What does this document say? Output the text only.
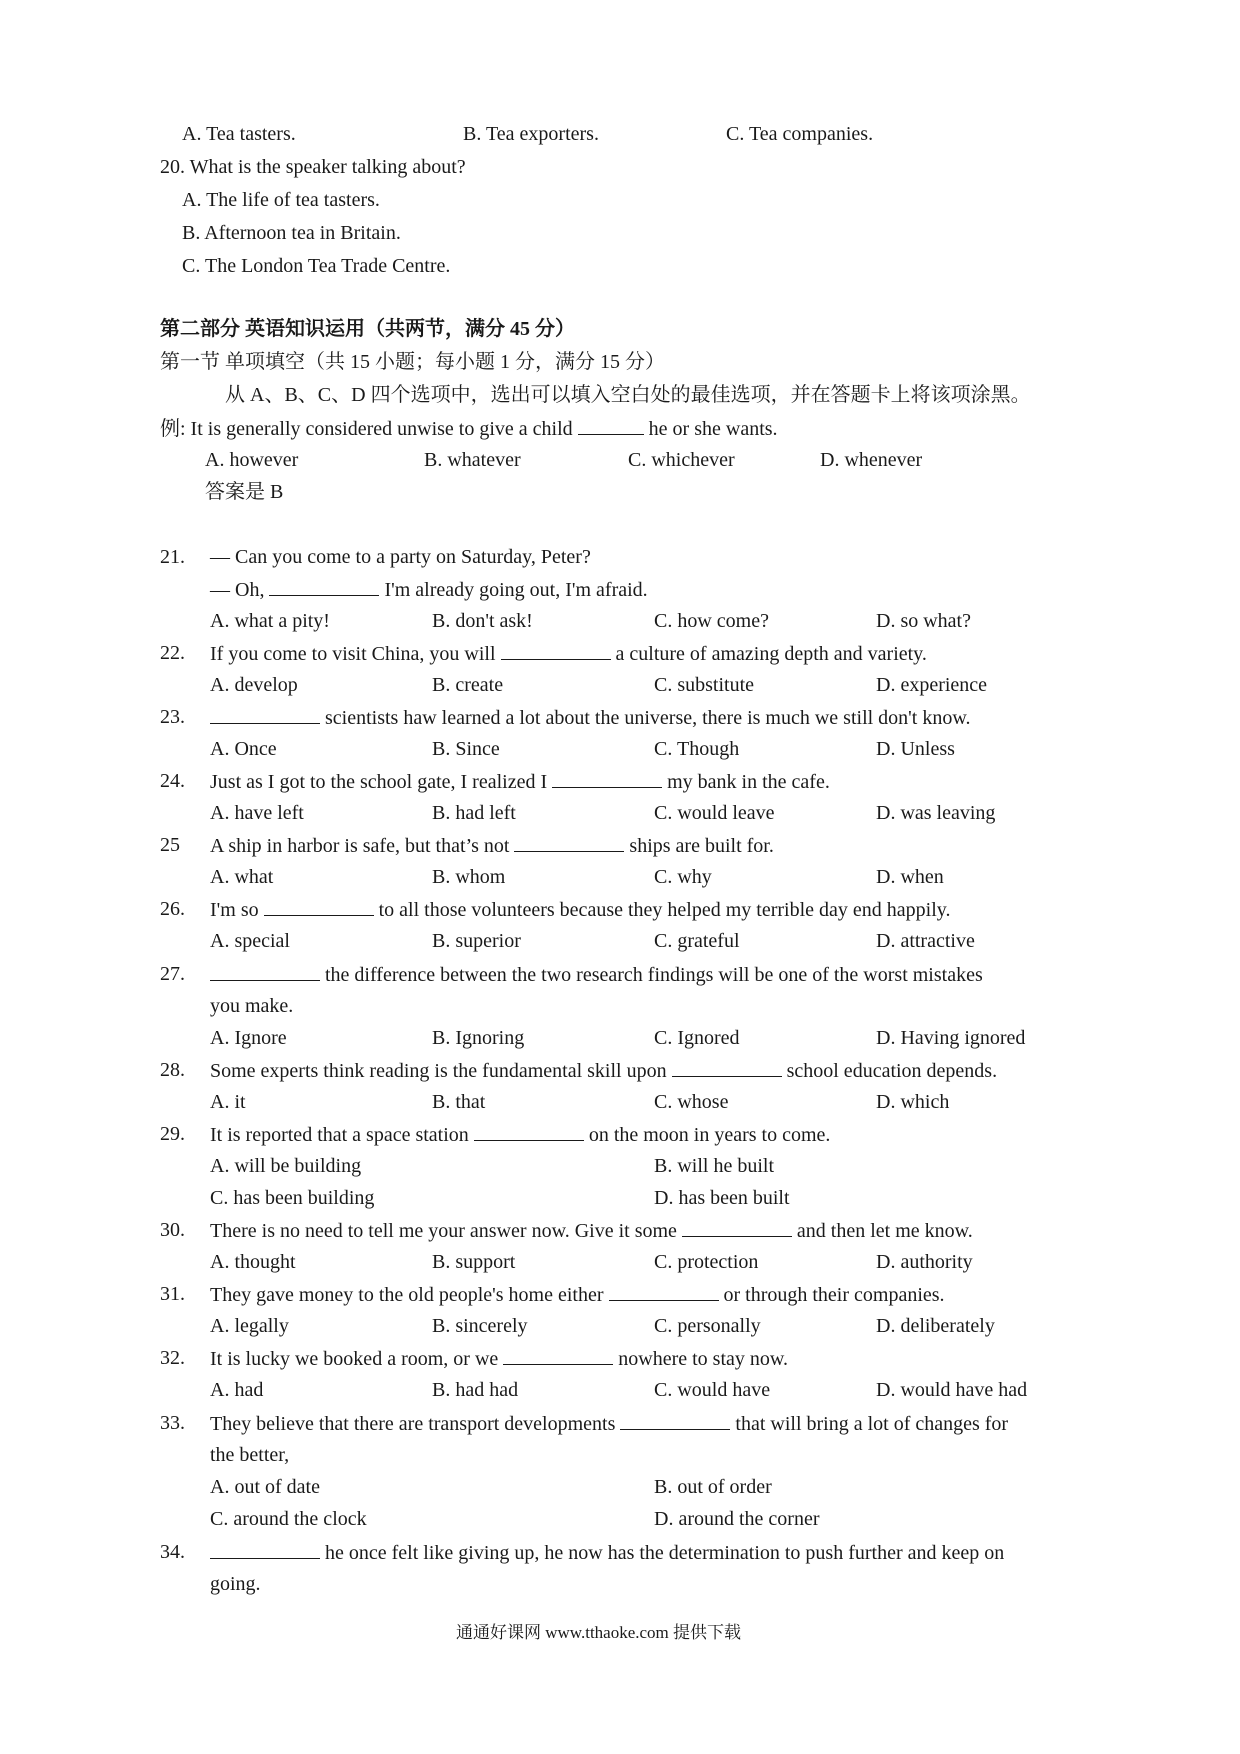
A. Tea tasters.	B. Tea exporters.	C. Tea companies.
20. What is the speaker talking about?
A. The life of tea tasters.
B. Afternoon tea in Britain.
C. The London Tea Trade Centre.
第二部分 英语知识运用（共两节，满分 45 分）
第一节 单项填空（共 15 小题；每小题 1 分，满分 15 分）
从 A、B、C、D 四个选项中，选出可以填入空白处的最佳选项，并在答题卡上将该项涂黑。
例: It is generally considered unwise to give a child	he or she wants.
A. however	B. whatever	C. whichever	D. whenever
答案是 B
21. — Can you come to a party on Saturday, Peter?
— Oh,	I'm already going out, I'm afraid.
A. what a pity!	B. don't ask!	C. how come?	D. so what?
22. If you come to visit China, you will	a culture of amazing depth and variety.
A. develop	B. create	C. substitute	D. experience
23.	scientists haw learned a lot about the universe, there is much we still don't know.
A. Once	B. Since	C. Though	D. Unless
24. Just as I got to the school gate, I realized I	my bank in the cafe.
A. have left	B. had left	C. would leave	D. was leaving
25 A ship in harbor is safe, but that’s not	ships are built for.
A. what	B. whom	C. why	D. when
26. I'm so	to all those volunteers because they helped my terrible day end happily.
A. special	B. superior	C. grateful	D. attractive
27.	the difference between the two research findings will be one of the worst mistakes
you make.
A. Ignore	B. Ignoring	C. Ignored	D. Having ignored
28. Some experts think reading is the fundamental skill upon	school education depends.
A. it	B. that	C. whose	D. which
29. It is reported that a space station	on the moon in years to come.
A. will be building	B. will he built
C. has been building	D. has been built
30. There is no need to tell me your answer now. Give it some	and then let me know.
A. thought	B. support	C. protection	D. authority
31. They gave money to the old people's home either	or through their companies.
A. legally	B. sincerely	C. personally	D. deliberately
32. It is lucky we booked a room, or we	nowhere to stay now.
A. had	B. had had	C. would have	D. would have had
33. They believe that there are transport developments	that will bring a lot of changes for
the better,
A. out of date	B. out of order
C. around the clock	D. around the corner
34.	he once felt like giving up, he now has the determination to push further and keep on
going.
通通好课网 www.tthaoke.com 提供下载
